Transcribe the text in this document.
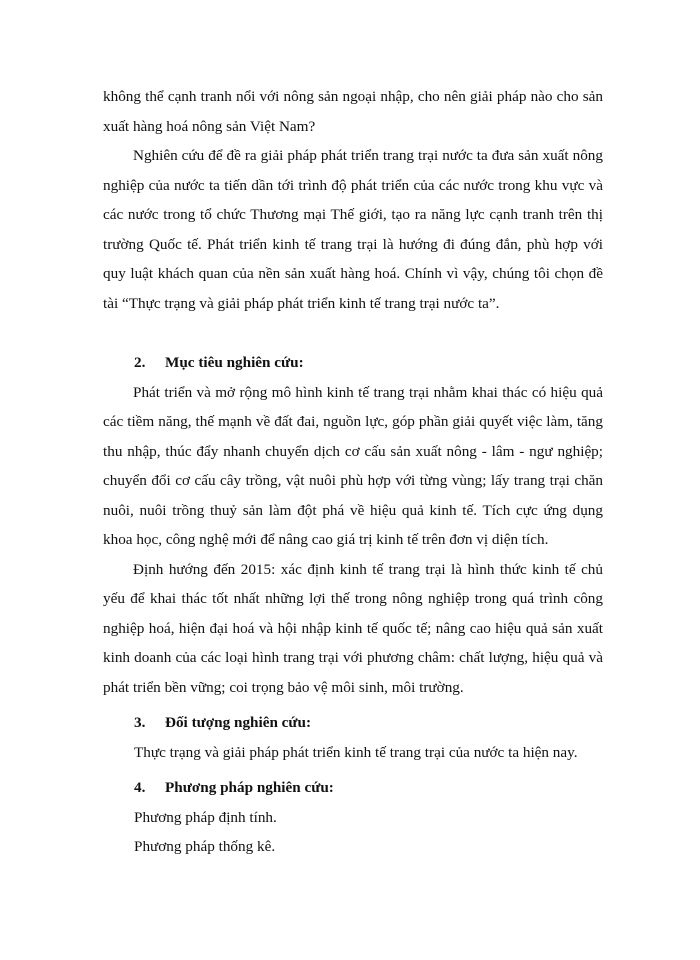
không thể cạnh tranh nổi với nông sản ngoại nhập, cho nên giải pháp nào cho sản xuất hàng hoá nông sản Việt Nam?

Nghiên cứu để đề ra giải pháp phát triển trang trại nước ta đưa sản xuất nông nghiệp của nước ta tiến dần tới trình độ phát triển của các nước trong khu vực và các nước trong tổ chức Thương mại Thế giới, tạo ra năng lực cạnh tranh trên thị trường Quốc tế. Phát triển kinh tế trang trại là hướng đi đúng đắn, phù hợp với quy luật khách quan của nền sản xuất hàng hoá. Chính vì vậy, chúng tôi chọn đề tài “Thực trạng và giải pháp phát triển kinh tế trang trại nước ta”.

2.	Mục tiêu nghiên cứu:

Phát triển và mở rộng mô hình kinh tế trang trại nhằm khai thác có hiệu quả các tiềm năng, thế mạnh về đất đai, nguồn lực, góp phần giải quyết việc làm, tăng thu nhập, thúc đẩy nhanh chuyển dịch cơ cấu sản xuất nông - lâm - ngư nghiệp; chuyển đổi cơ cấu cây trồng, vật nuôi phù hợp với từng vùng; lấy trang trại chăn nuôi, nuôi trồng thuỷ sản làm đột phá về hiệu quả kinh tế. Tích cực ứng dụng khoa học, công nghệ mới để nâng cao giá trị kinh tế trên đơn vị diện tích.

Định hướng đến 2015: xác định kinh tế trang trại là hình thức kinh tế chủ yếu để khai thác tốt nhất những lợi thế trong nông nghiệp trong quá trình công nghiệp hoá, hiện đại hoá và hội nhập kinh tế quốc tế; nâng cao hiệu quả sản xuất kinh doanh của các loại hình trang trại với phương châm: chất lượng, hiệu quả và phát triển bền vững; coi trọng bảo vệ môi sinh, môi trường.

3.	Đối tượng nghiên cứu:

Thực trạng và giải pháp phát triển kinh tế trang trại của nước ta hiện nay.

4.	Phương pháp nghiên cứu:

Phương pháp định tính.

Phương pháp thống kê.
